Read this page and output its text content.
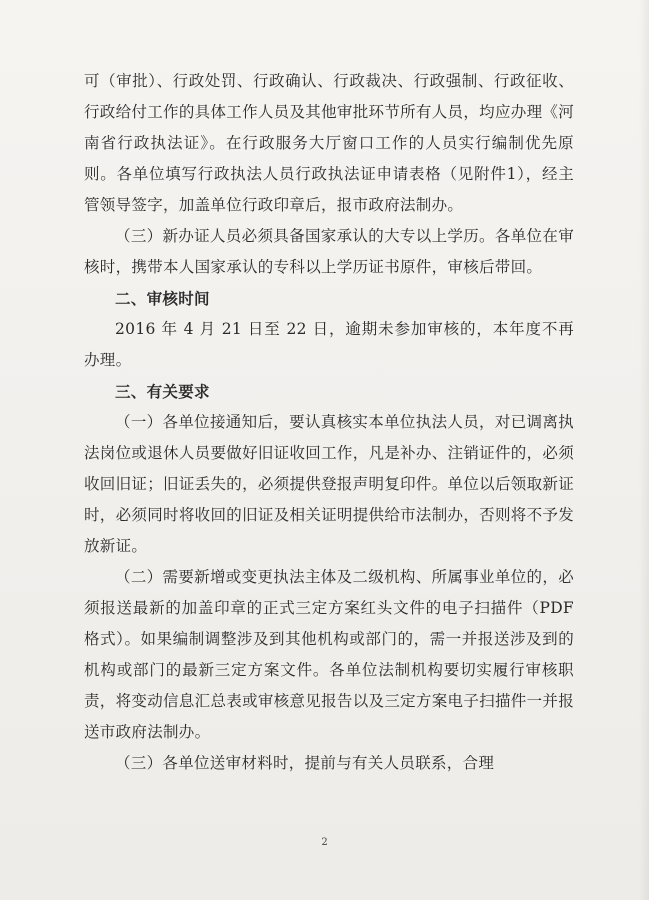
可（审批）、行政处罚、行政确认、行政裁决、行政强制、行政征收、行政给付工作的具体工作人员及其他审批环节所有人员，均应办理《河南省行政执法证》。在行政服务大厅窗口工作的人员实行编制优先原则。各单位填写行政执法人员行政执法证申请表格（见附件1），经主管领导签字，加盖单位行政印章后，报市政府法制办。

（三）新办证人员必须具备国家承认的大专以上学历。各单位在审核时，携带本人国家承认的专科以上学历证书原件，审核后带回。

二、审核时间

2016 年 4 月 21 日至 22 日，逾期未参加审核的，本年度不再办理。

三、有关要求

（一）各单位接通知后，要认真核实本单位执法人员，对已调离执法岗位或退休人员要做好旧证收回工作，凡是补办、注销证件的，必须收回旧证；旧证丢失的，必须提供登报声明复印件。单位以后领取新证时，必须同时将收回的旧证及相关证明提供给市法制办，否则将不予发放新证。

（二）需要新增或变更执法主体及二级机构、所属事业单位的，必须报送最新的加盖印章的正式三定方案红头文件的电子扫描件（PDF 格式）。如果编制调整涉及到其他机构或部门的，需一并报送涉及到的机构或部门的最新三定方案文件。各单位法制机构要切实履行审核职责，将变动信息汇总表或审核意见报告以及三定方案电子扫描件一并报送市政府法制办。

（三）各单位送审材料时，提前与有关人员联系，合理

2
